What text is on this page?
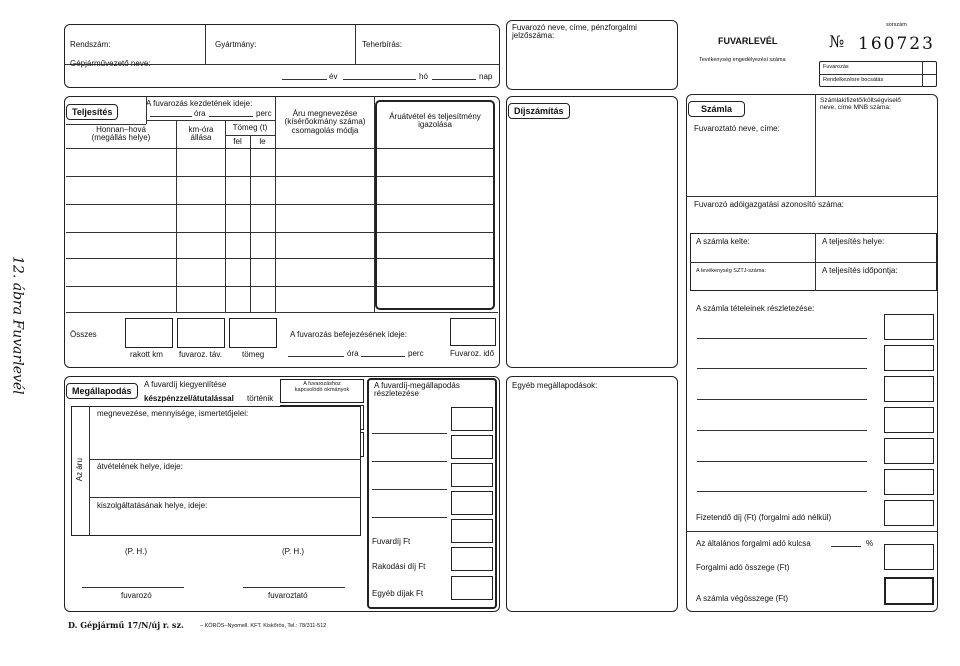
12. ábra Fuvarlevél
Rendszám:	Gyártmány:	Teherbírás:
Gépjárművezető neve:
év	hó	nap
Fuvarozó neve, címe, pénzforgalmi jelzőszáma:
sorszám
FUVARLEVÉL	№ 160723
Tevékenység engedélyezési száma
Fuvarozás
Rendelkezésre bocsátás
Teljesítés
A fuvarozás kezdetének ideje:
óra	perc
Honnan–hová
(megállás helye)
km-óra
állása
Tömeg (t)
fel	le
Áru megnevezése
(kísérőokmány száma)
csomagolás módja
Áruátvétel és teljesítmény
igazolása
Összes
rakott km fuvaroz. táv.	tömeg
A fuvarozás befejezésének ideje:
óra	perc	Fuvaroz. idő
Díjszámítás	Számla
Fuvaroztató neve, címe:
Számlakifizető/költségviselő
neve, címe MNB száma:
Fuvarozó adóigazgatási azonosító száma:
A számla kelte:	A teljesítés helye:
A tevékenység SZTJ-száma:	A teljesítés időpontja:
A számla tételeinek részletezése:
Fizetendő díj (Ft) (forgalmi adó nélkül)
Az általános forgalmi adó kulcsa	%
Forgalmi adó összege (Ft)
A számla végösszege (Ft)
Megállapodás
A fuvardíj kiegyenlítése
készpénzzel/átutalással történik
A fuvarozáshoz
kapcsolódó okmányok
Az áru
megnevezése, mennyisége, ismertetőjelei:
átvételének helye, ideje:
kiszolgáltatásának helye, ideje:
(P. H.)	(P. H.)
fuvarozó	fuvaroztató
A fuvardíj-megállapodás
részletezése
Fuvardíj Ft
Rakodási díj Ft
Egyéb díjak Ft
Egyéb megállapodások:
D. Gépjármű 17/N/új r. sz.	– KÖRÖS–Nyomell. KFT. Kiskőrös, Tel.: 78/311-512
